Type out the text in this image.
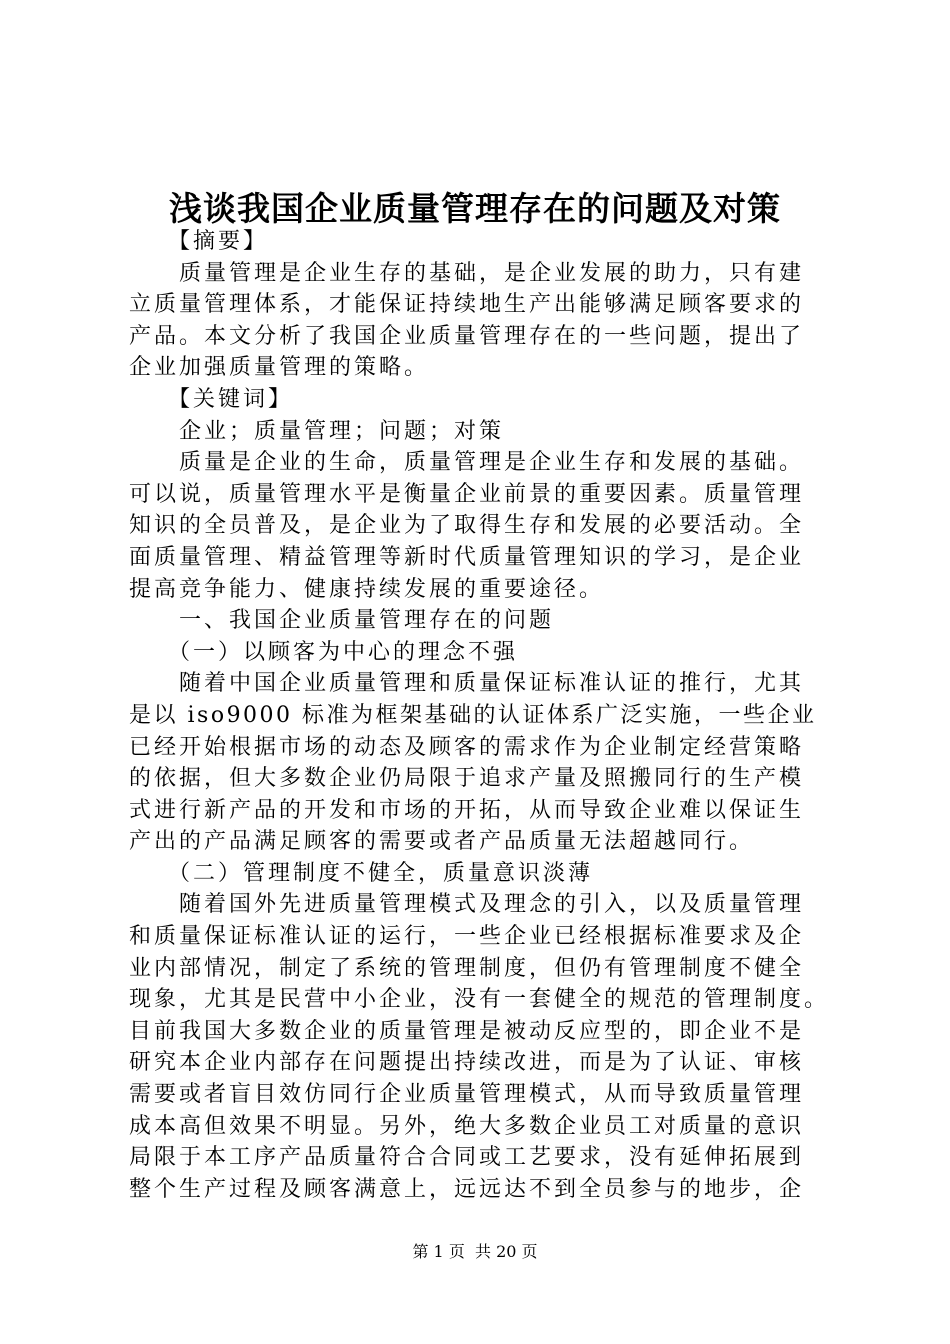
浅谈我国企业质量管理存在的问题及对策
　　【摘要】
　　质量管理是企业生存的基础，是企业发展的助力，只有建
立质量管理体系，才能保证持续地生产出能够满足顾客要求的
产品。本文分析了我国企业质量管理存在的一些问题，提出了
企业加强质量管理的策略。
　　【关键词】
　　企业；质量管理；问题；对策
　　质量是企业的生命，质量管理是企业生存和发展的基础。
可以说，质量管理水平是衡量企业前景的重要因素。质量管理
知识的全员普及，是企业为了取得生存和发展的必要活动。全
面质量管理、精益管理等新时代质量管理知识的学习，是企业
提高竞争能力、健康持续发展的重要途径。
　　一、我国企业质量管理存在的问题
　　（一）以顾客为中心的理念不强
　　随着中国企业质量管理和质量保证标准认证的推行，尤其
是以 iso9000 标准为框架基础的认证体系广泛实施，一些企业
已经开始根据市场的动态及顾客的需求作为企业制定经营策略
的依据，但大多数企业仍局限于追求产量及照搬同行的生产模
式进行新产品的开发和市场的开拓，从而导致企业难以保证生
产出的产品满足顾客的需要或者产品质量无法超越同行。
　　（二）管理制度不健全，质量意识淡薄
　　随着国外先进质量管理模式及理念的引入，以及质量管理
和质量保证标准认证的运行，一些企业已经根据标准要求及企
业内部情况，制定了系统的管理制度，但仍有管理制度不健全
现象，尤其是民营中小企业，没有一套健全的规范的管理制度。
目前我国大多数企业的质量管理是被动反应型的，即企业不是
研究本企业内部存在问题提出持续改进，而是为了认证、审核
需要或者盲目效仿同行企业质量管理模式，从而导致质量管理
成本高但效果不明显。另外，绝大多数企业员工对质量的意识
局限于本工序产品质量符合合同或工艺要求，没有延伸拓展到
整个生产过程及顾客满意上，远远达不到全员参与的地步，企
第 1 页  共 20 页
